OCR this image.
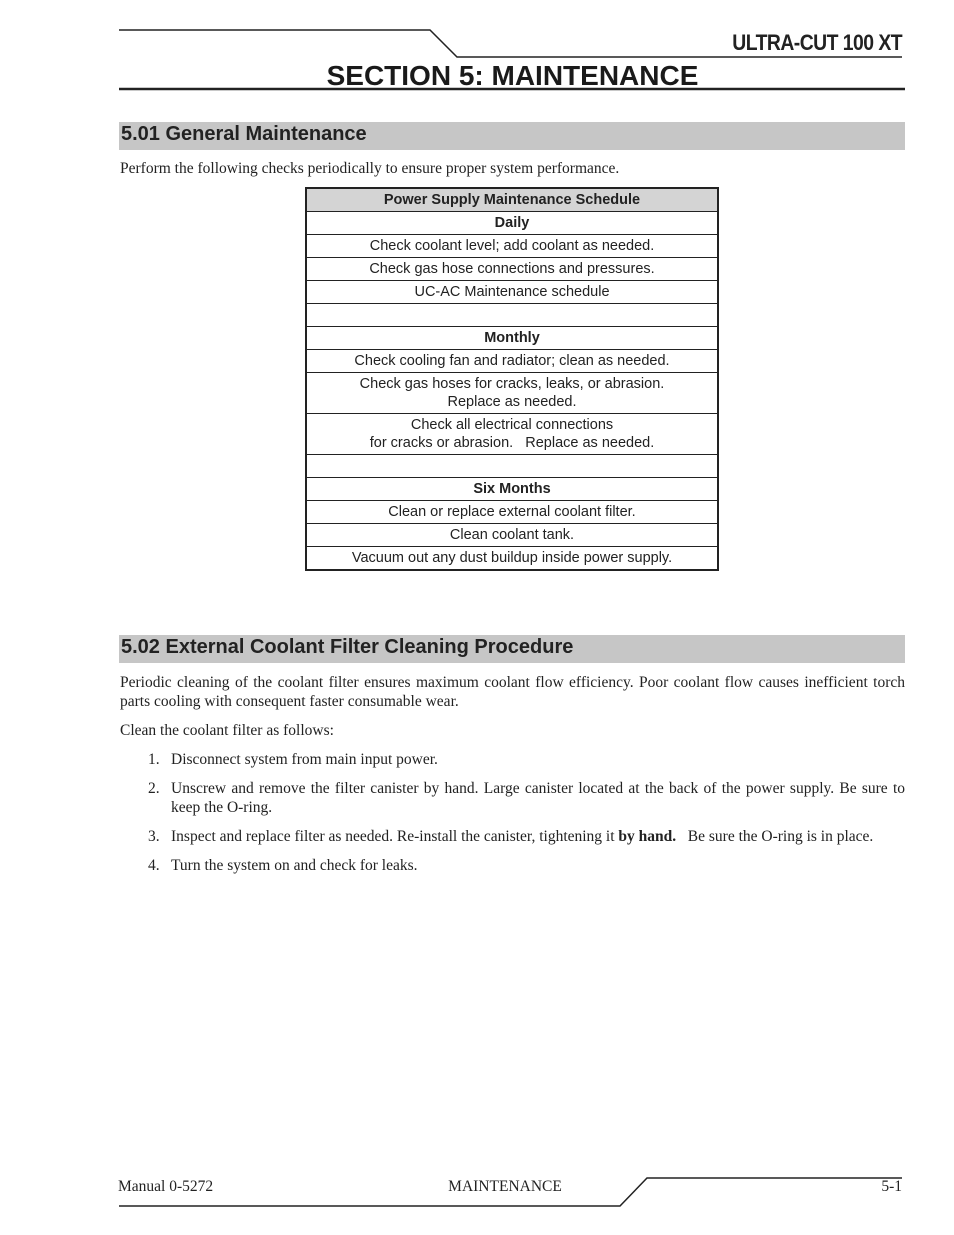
ULTRA-CUT 100 XT
SECTION 5: MAINTENANCE
5.01 General Maintenance
Perform the following checks periodically to ensure proper system performance.
Power Supply Maintenance Schedule
Daily
Check coolant level; add coolant as needed.
Check gas hose connections and pressures.
UC-AC Maintenance schedule

Monthly
Check cooling fan and radiator; clean as needed.
Check gas hoses for cracks, leaks, or abrasion.
Replace as needed.
Check all electrical connections
for cracks or abrasion.   Replace as needed.

Six Months
Clean or replace external coolant filter.
Clean coolant tank.
Vacuum out any dust buildup inside power supply.
5.02 External Coolant Filter Cleaning Procedure
Periodic cleaning of the coolant filter ensures maximum coolant flow efficiency. Poor coolant flow causes inefficient torch parts cooling with consequent faster consumable wear.
Clean the coolant filter as follows:
1. Disconnect system from main input power.
2. Unscrew and remove the filter canister by hand. Large canister located at the back of the power supply. Be sure to keep the O-ring.
3. Inspect and replace filter as needed. Re-install the canister, tightening it by hand.   Be sure the O-ring is in place.
4. Turn the system on and check for leaks.
Manual 0-5272	MAINTENANCE	5-1
